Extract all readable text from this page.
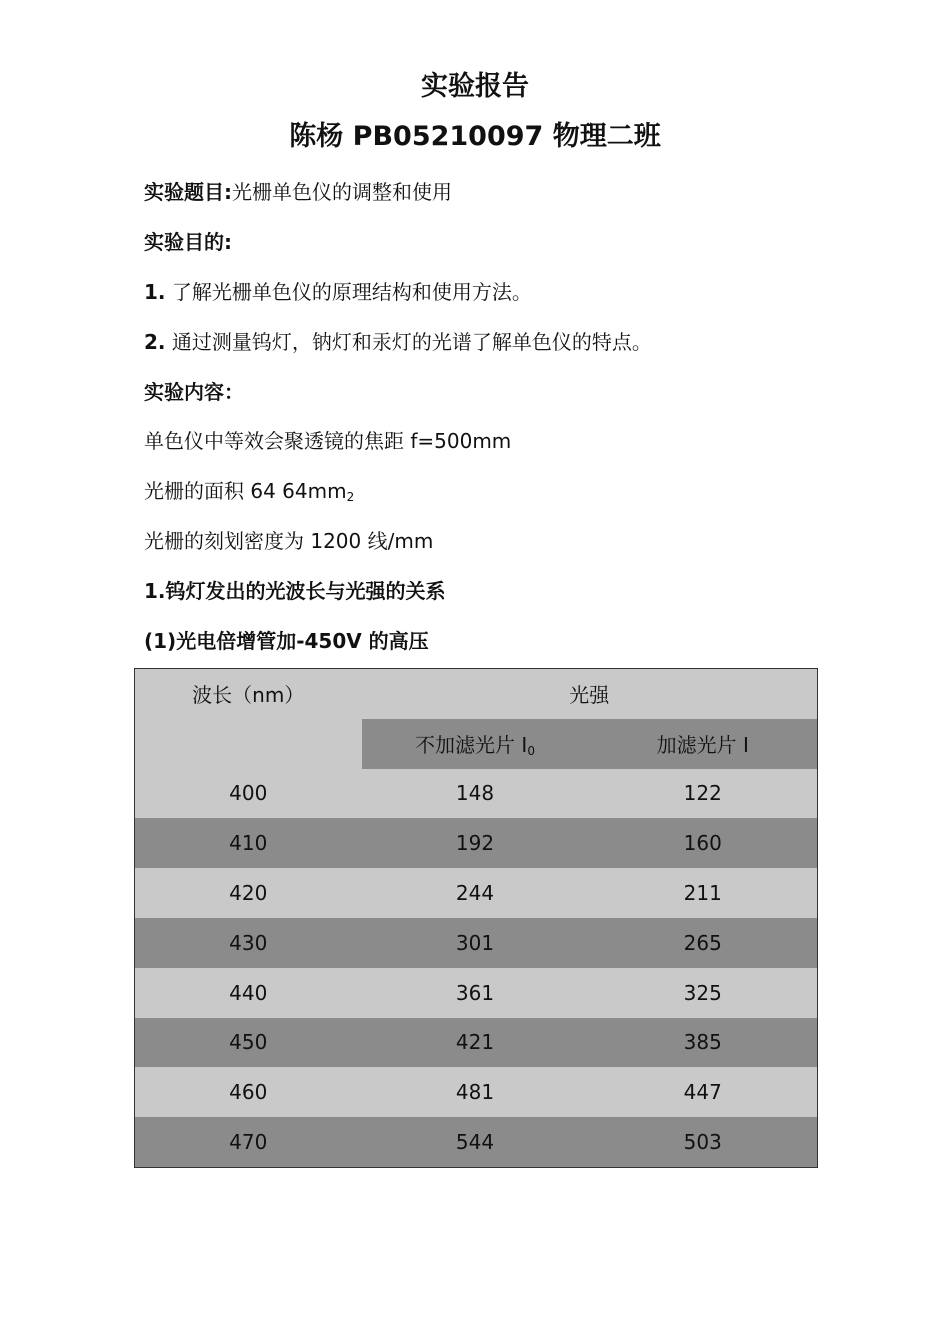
实验报告
陈杨 PB05210097 物理二班
实验题目:光栅单色仪的调整和使用
实验目的:
1. 了解光栅单色仪的原理结构和使用方法。
2. 通过测量钨灯，钠灯和汞灯的光谱了解单色仪的特点。
实验内容：
单色仪中等效会聚透镜的焦距 f=500mm
光栅的面积 64 $64mm_2$
光栅的刻划密度为 1200 线/mm
1.钨灯发出的光波长与光强的关系
(1)光电倍增管加-450V 的高压
波长（nm）	光强	
	不加滤光片 $I_0$	加滤光片 I
400	148	122
410	192	160
420	244	211
430	301	265
440	361	325
450	421	385
460	481	447
470	544	503
